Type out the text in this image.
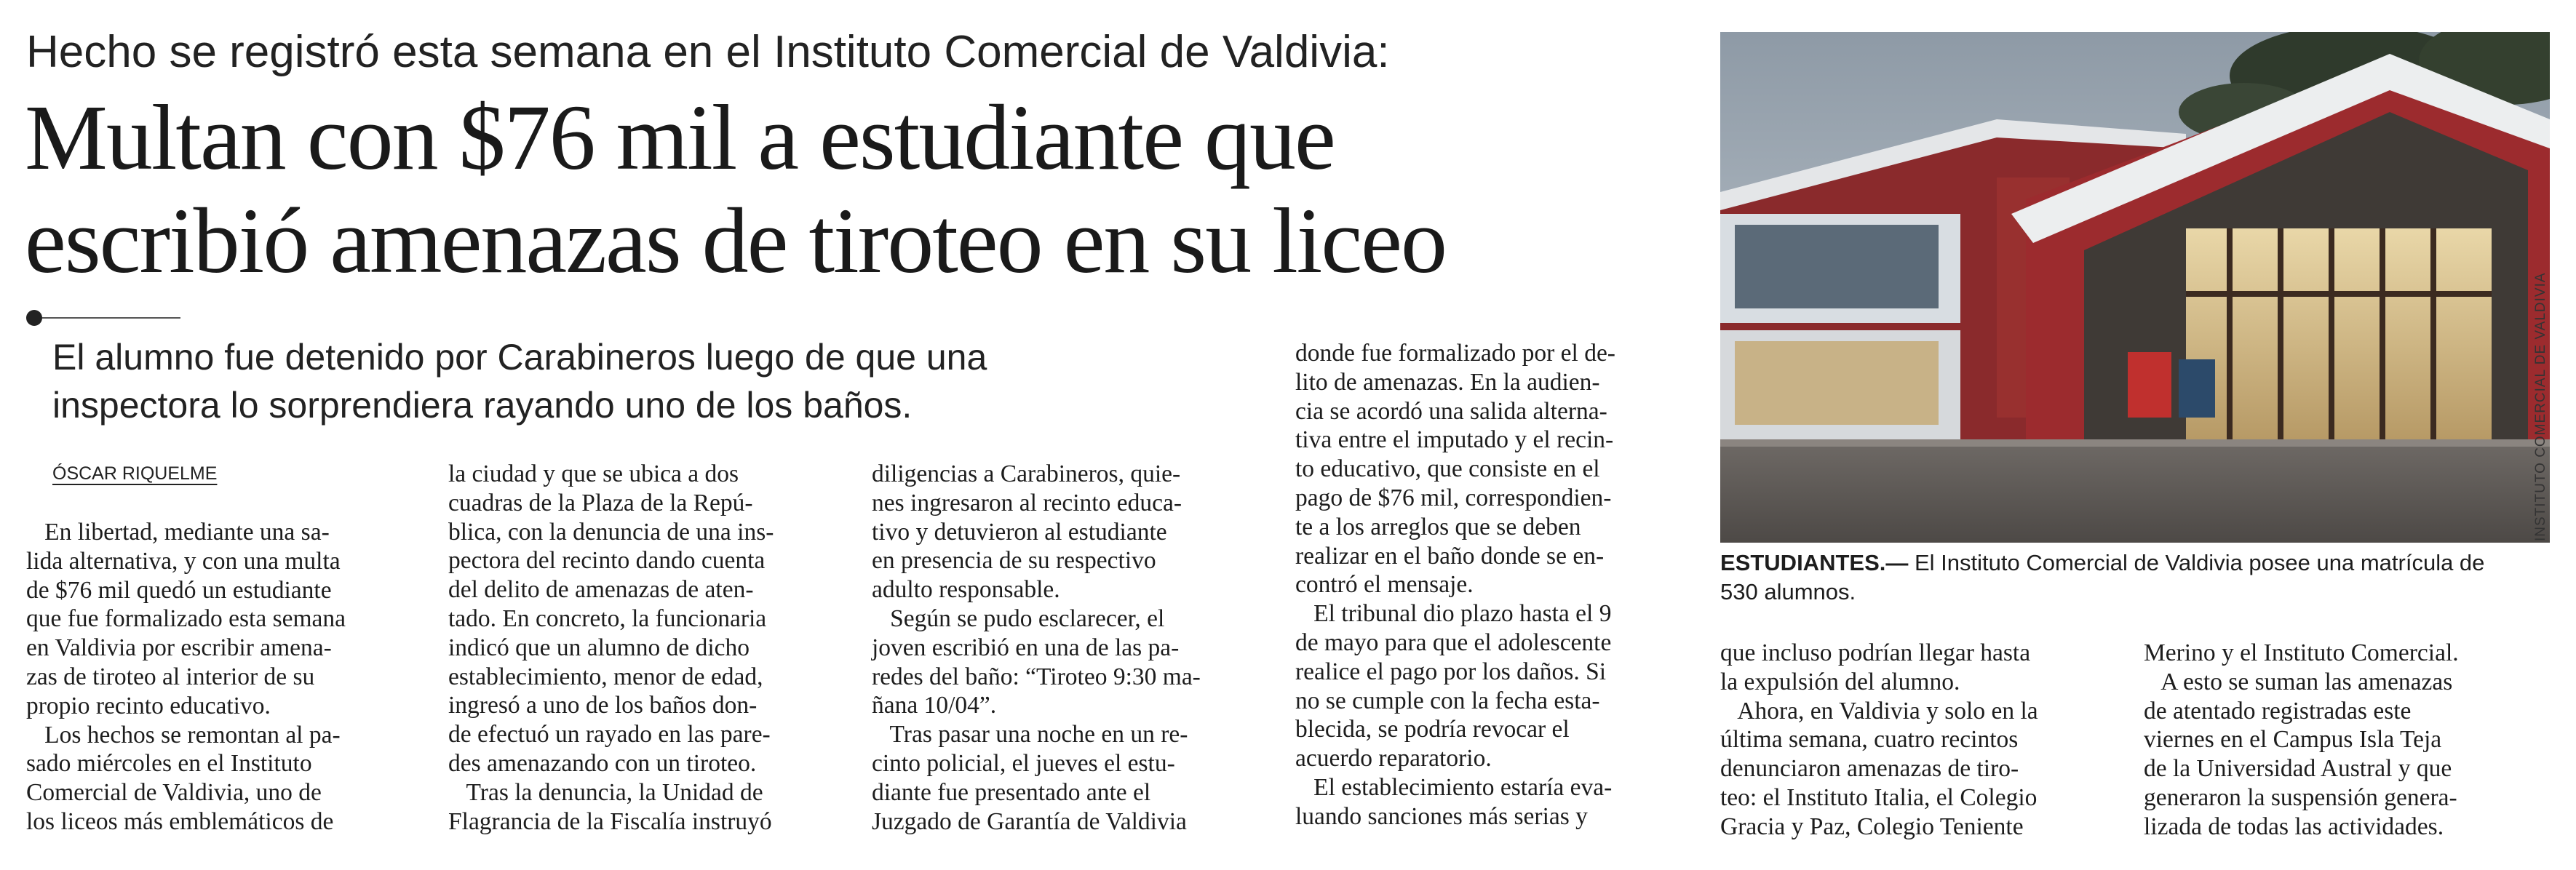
Hecho se registró esta semana en el Instituto Comercial de Valdivia:
Multan con $76 mil a estudiante que
escribió amenazas de tiroteo en su liceo
El alumno fue detenido por Carabineros luego de que una
inspectora lo sorprendiera rayando uno de los baños.
ÓSCAR RIQUELME
En libertad, mediante una sa-
lida alternativa, y con una multa
de $76 mil quedó un estudiante
que fue formalizado esta semana
en Valdivia por escribir amena-
zas de tiroteo al interior de su
propio recinto educativo.
Los hechos se remontan al pa-
sado miércoles en el Instituto
Comercial de Valdivia, uno de
los liceos más emblemáticos de
la ciudad y que se ubica a dos
cuadras de la Plaza de la Repú-
blica, con la denuncia de una ins-
pectora del recinto dando cuenta
del delito de amenazas de aten-
tado. En concreto, la funcionaria
indicó que un alumno de dicho
establecimiento, menor de edad,
ingresó a uno de los baños don-
de efectuó un rayado en las pare-
des amenazando con un tiroteo.
Tras la denuncia, la Unidad de
Flagrancia de la Fiscalía instruyó
diligencias a Carabineros, quie-
nes ingresaron al recinto educa-
tivo y detuvieron al estudiante
en presencia de su respectivo
adulto responsable.
Según se pudo esclarecer, el
joven escribió en una de las pa-
redes del baño: “Tiroteo 9:30 ma-
ñana 10/04”.
Tras pasar una noche en un re-
cinto policial, el jueves el estu-
diante fue presentado ante el
Juzgado de Garantía de Valdivia
donde fue formalizado por el de-
lito de amenazas. En la audien-
cia se acordó una salida alterna-
tiva entre el imputado y el recin-
to educativo, que consiste en el
pago de $76 mil, correspondien-
te a los arreglos que se deben
realizar en el baño donde se en-
contró el mensaje.
El tribunal dio plazo hasta el 9
de mayo para que el adolescente
realice el pago por los daños. Si
no se cumple con la fecha esta-
blecida, se podría revocar el
acuerdo reparatorio.
El establecimiento estaría eva-
luando sanciones más serias y
que incluso podrían llegar hasta
la expulsión del alumno.
Ahora, en Valdivia y solo en la
última semana, cuatro recintos
denunciaron amenazas de tiro-
teo: el Instituto Italia, el Colegio
Gracia y Paz, Colegio Teniente
Merino y el Instituto Comercial.
A esto se suman las amenazas
de atentado registradas este
viernes en el Campus Isla Teja
de la Universidad Austral y que
generaron la suspensión genera-
lizada de todas las actividades.
ESTUDIANTES.— El Instituto Comercial de Valdivia posee una matrícula de
530 alumnos.
